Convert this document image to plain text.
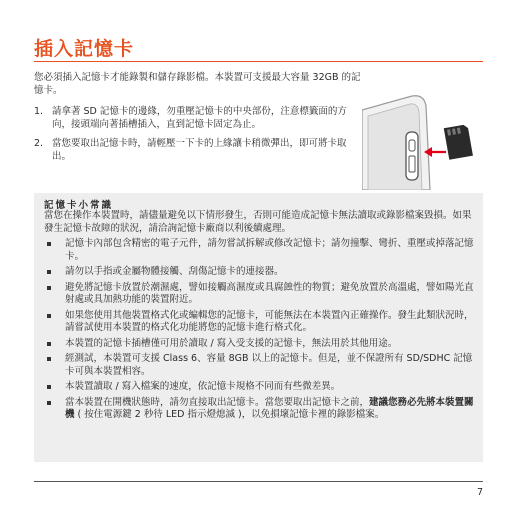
插入記憶卡
您必須插入記憶卡才能錄製和儲存錄影檔。本裝置可支援最大容量 32GB 的記憶卡。
1. 請拿著 SD 記憶卡的邊緣，勿重壓記憶卡的中央部份，注意標籤面的方向，接頭端向著插槽插入，直到記憶卡固定為止。
2. 當您要取出記憶卡時，請輕壓一下卡的上緣讓卡稍微彈出，即可將卡取出。
記憶卡小常識
當您在操作本裝置時，請儘量避免以下情形發生，否則可能造成記憶卡無法讀取或錄影檔案毀損。如果發生記憶卡故障的狀況，請洽詢記憶卡廠商以利後續處理。
記憶卡內部包含精密的電子元件，請勿嘗試拆解或修改記憶卡；請勿撞擊、彎折、重壓或掉落記憶卡。
請勿以手指或金屬物體接觸、刮傷記憶卡的連接器。
避免將記憶卡放置於潮濕處，譬如接觸高濕度或具腐蝕性的物質；避免放置於高溫處，譬如陽光直射處或具加熱功能的裝置附近。
如果您使用其他裝置格式化或編輯您的記憶卡，可能無法在本裝置內正確操作。發生此類狀況時，請嘗試使用本裝置的格式化功能將您的記憶卡進行格式化。
本裝置的記憶卡插槽僅可用於讀取 / 寫入受支援的記憶卡，無法用於其他用途。
經測試，本裝置可支援 Class 6、容量 8GB 以上的記憶卡。但是，並不保證所有 SD/SDHC 記憶卡可與本裝置相容。
本裝置讀取 / 寫入檔案的速度，依記憶卡規格不同而有些微差異。
當本裝置在開機狀態時，請勿直接取出記憶卡。當您要取出記憶卡之前，建議您務必先將本裝置關機 ( 按住電源鍵 2 秒待 LED 指示燈熄滅 )，以免損壞記憶卡裡的錄影檔案。
7
